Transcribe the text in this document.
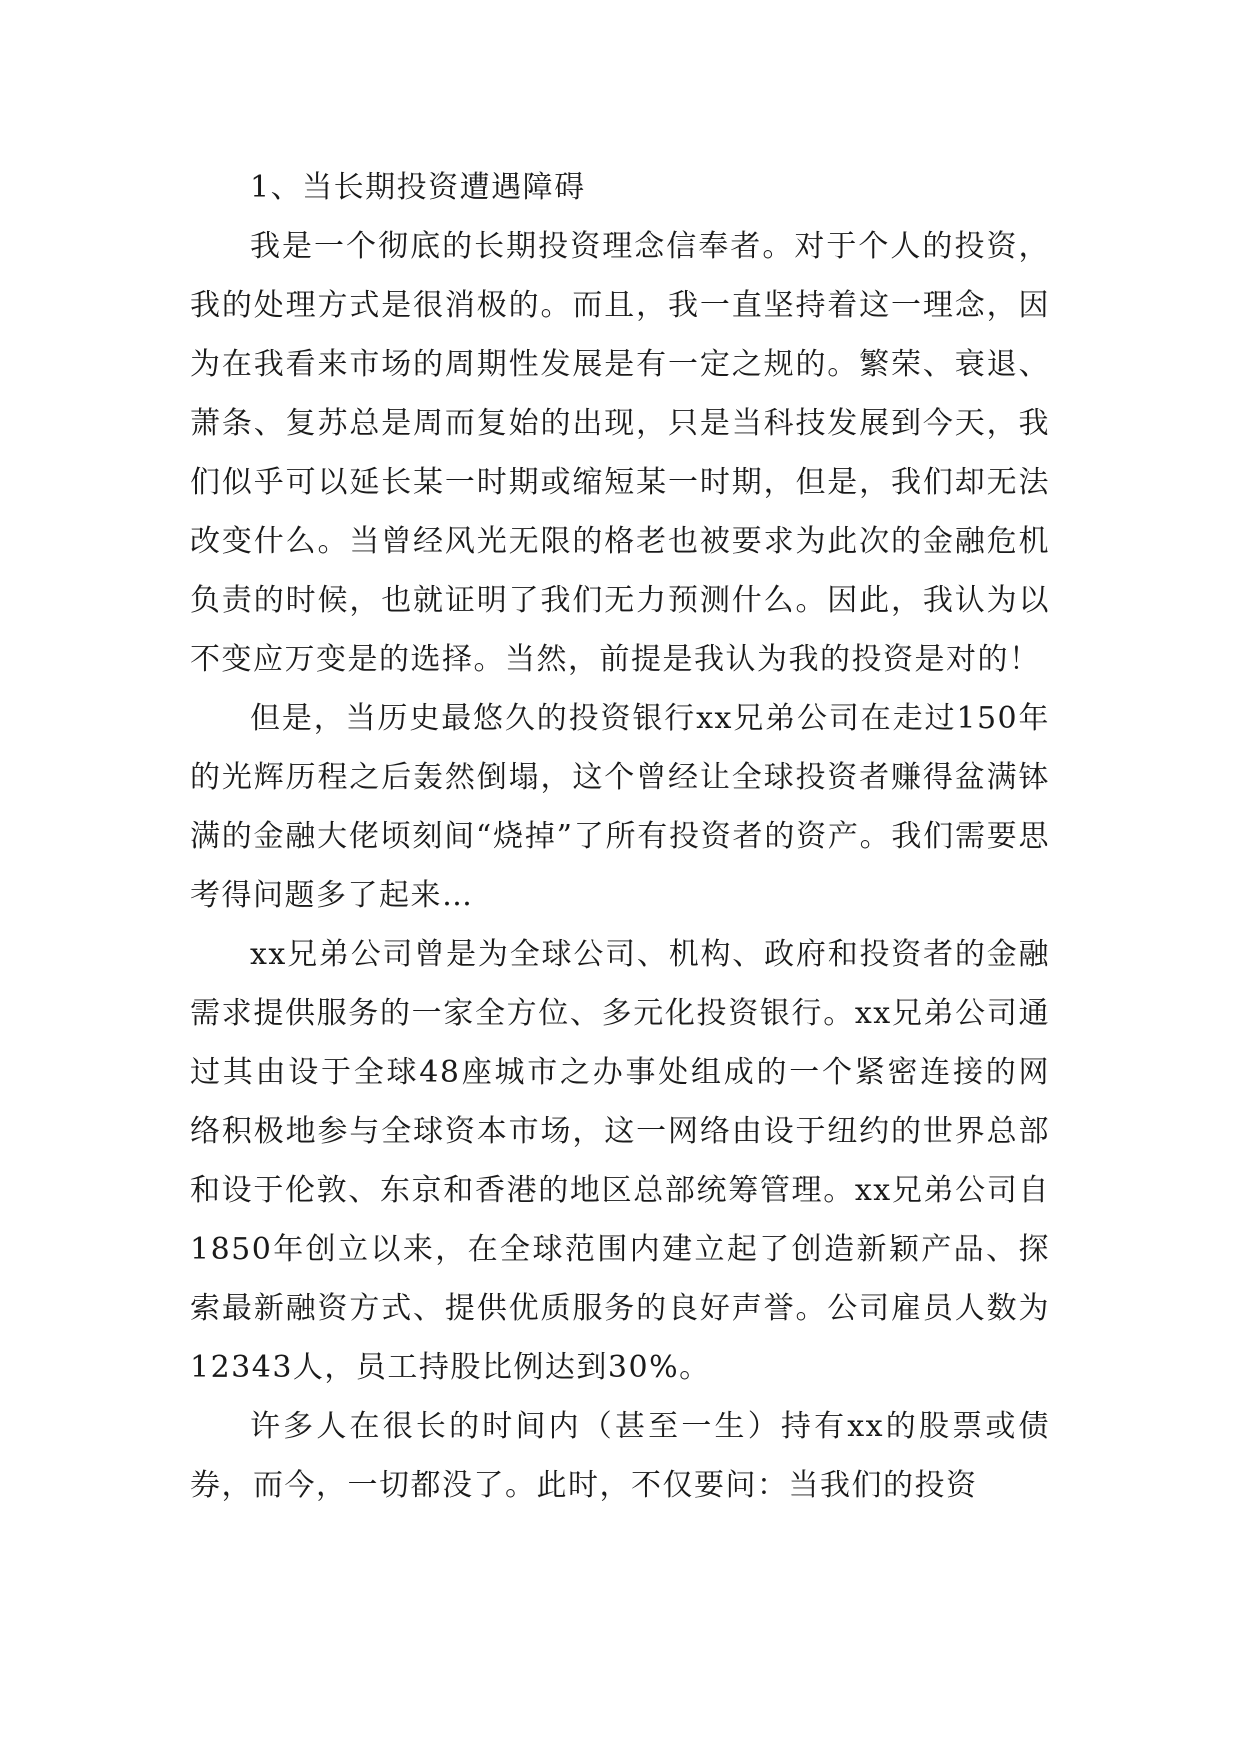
1、当长期投资遭遇障碍

我是一个彻底的长期投资理念信奉者。对于个人的投资，我的处理方式是很消极的。而且，我一直坚持着这一理念，因为在我看来市场的周期性发展是有一定之规的。繁荣、衰退、萧条、复苏总是周而复始的出现，只是当科技发展到今天，我们似乎可以延长某一时期或缩短某一时期，但是，我们却无法改变什么。当曾经风光无限的格老也被要求为此次的金融危机负责的时候，也就证明了我们无力预测什么。因此，我认为以不变应万变是的选择。当然，前提是我认为我的投资是对的！

但是，当历史最悠久的投资银行xx兄弟公司在走过150年的光辉历程之后轰然倒塌，这个曾经让全球投资者赚得盆满钵满的金融大佬顷刻间“烧掉”了所有投资者的资产。我们需要思考得问题多了起来…

xx兄弟公司曾是为全球公司、机构、政府和投资者的金融需求提供服务的一家全方位、多元化投资银行。xx兄弟公司通过其由设于全球48座城市之办事处组成的一个紧密连接的网络积极地参与全球资本市场，这一网络由设于纽约的世界总部和设于伦敦、东京和香港的地区总部统筹管理。xx兄弟公司自1850年创立以来，在全球范围内建立起了创造新颖产品、探索最新融资方式、提供优质服务的良好声誉。公司雇员人数为12343人，员工持股比例达到30%。

许多人在很长的时间内（甚至一生）持有xx的股票或债券，而今，一切都没了。此时，不仅要问：当我们的投资
